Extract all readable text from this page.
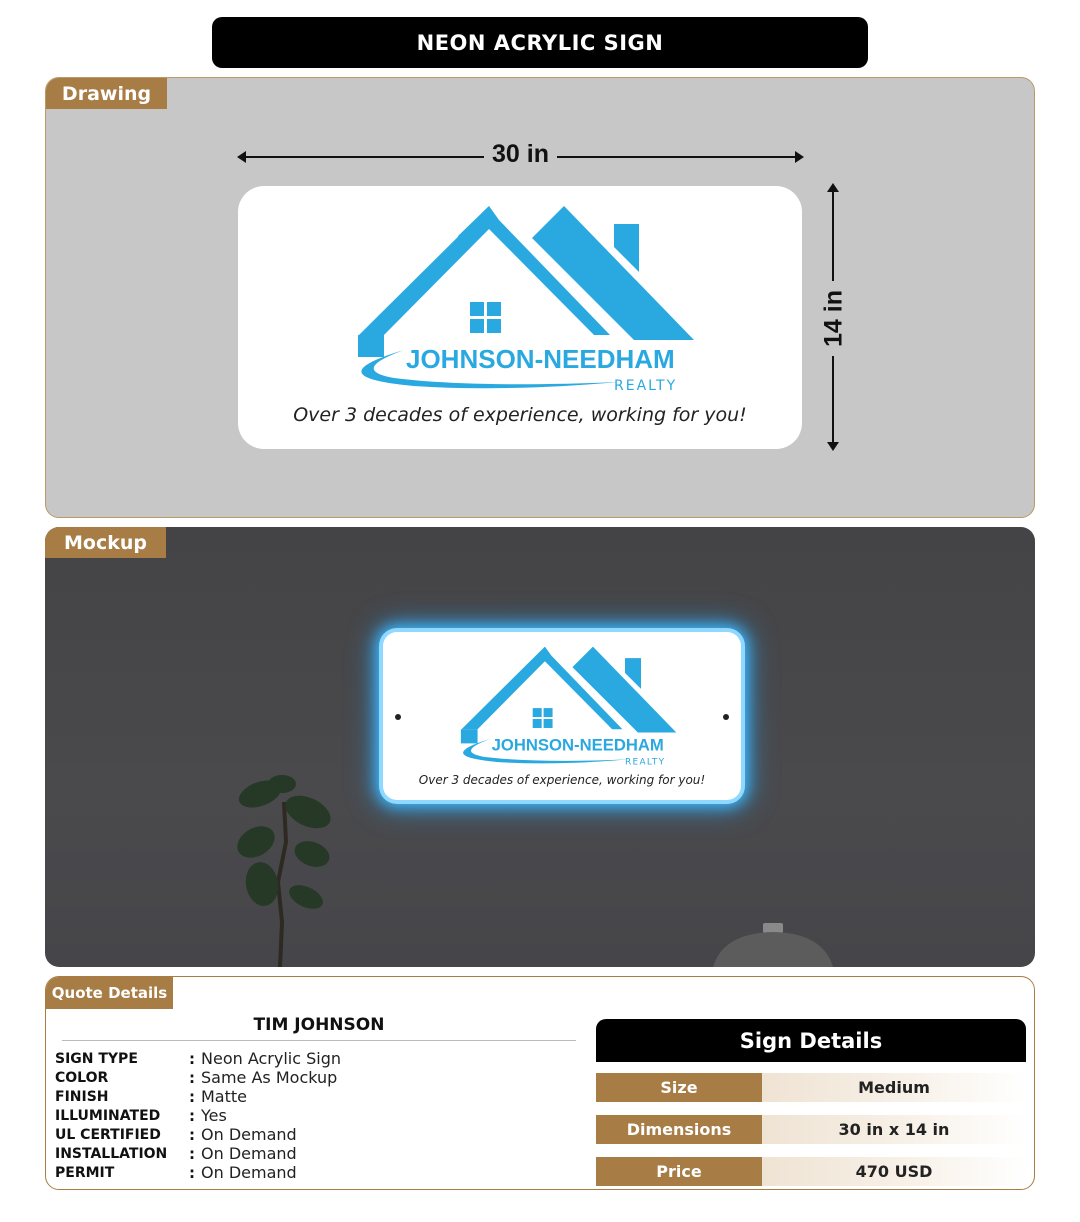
NEON ACRYLIC SIGN
Drawing
30 in
14 in
JOHNSON-NEEDHAM
REALTY
Over 3 decades of experience, working for you!
Mockup
JOHNSON-NEEDHAM
REALTY
Over 3 decades of experience, working for you!
Quote Details
TIM JOHNSON
SIGN TYPE	: Neon Acrylic Sign
COLOR	: Same As Mockup
FINISH	: Matte
ILLUMINATED	: Yes
UL CERTIFIED	: On Demand
INSTALLATION	: On Demand
PERMIT	: On Demand
Sign Details
Size	Medium
Dimensions	30 in x 14 in
Price	470 USD
